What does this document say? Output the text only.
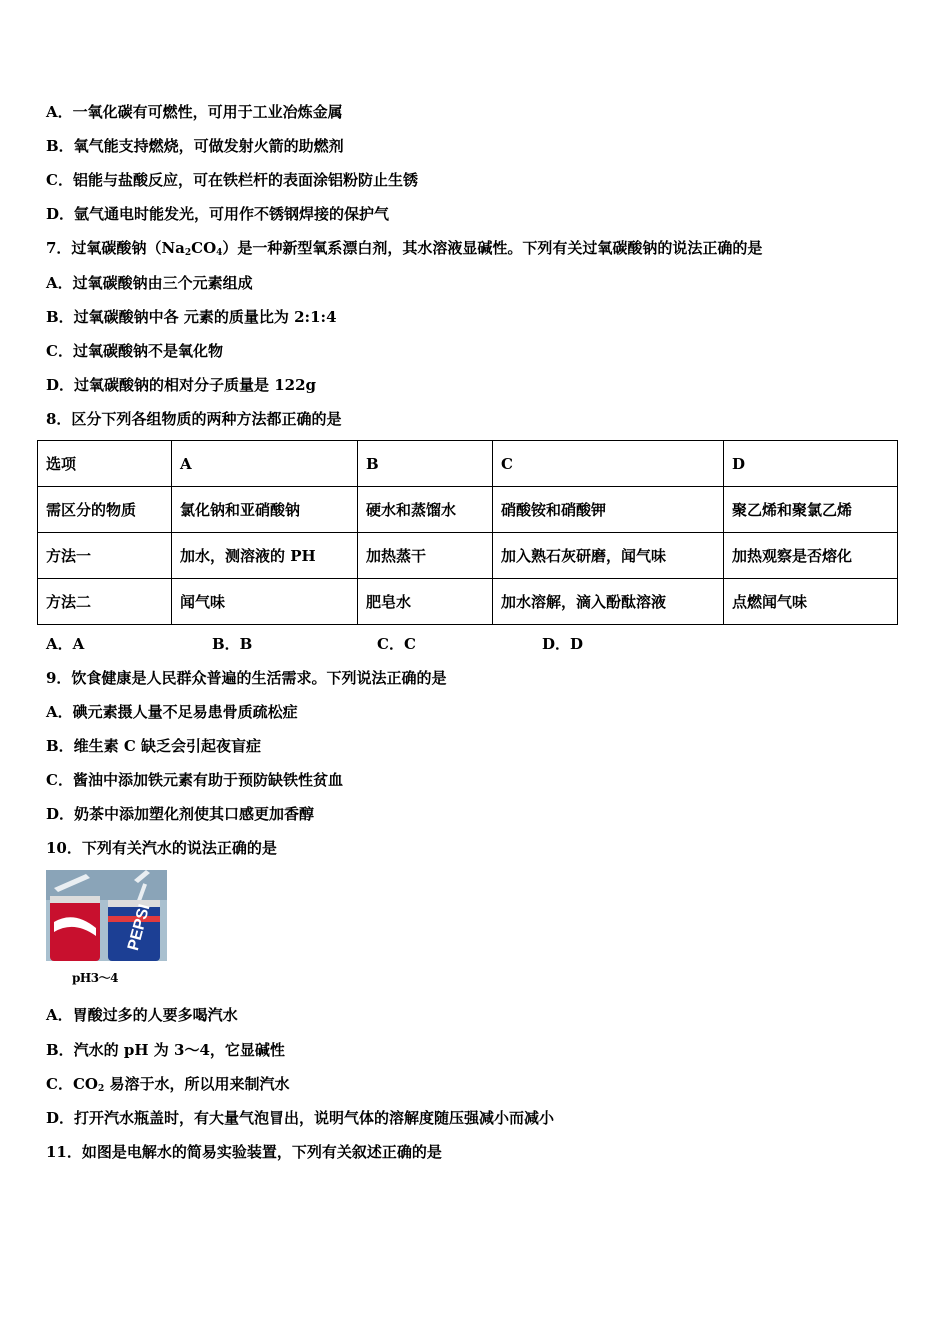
A．一氧化碳有可燃性，可用于工业冶炼金属
B．氧气能支持燃烧，可做发射火箭的助燃剂
C．铝能与盐酸反应，可在铁栏杆的表面涂铝粉防止生锈
D．氩气通电时能发光，可用作不锈钢焊接的保护气
7．过氧碳酸钠$(Na_2CO_4)$是一种新型氧系漂白剂，其水溶液显碱性。下列有关过氧碳酸钠的说法正确的是
A．过氧碳酸钠由三个元素组成
B．过氧碳酸钠中各 元素的质量比为 2:1:4
C．过氧碳酸钠不是氧化物
D．过氧碳酸钠的相对分子质量是 122g
8．区分下列各组物质的两种方法都正确的是
选项	A	B	C	D
需区分的物质	氯化钠和亚硝酸钠	硬水和蒸馏水	硝酸铵和硝酸钾	聚乙烯和聚氯乙烯
方法一	加水，测溶液的 PH	加热蒸干	加入熟石灰研磨，闻气味	加热观察是否熔化
方法二	闻气味	肥皂水	加水溶解，滴入酚酞溶液	点燃闻气味
A．A	B．B	C．C	D．D
9．饮食健康是人民群众普遍的生活需求。下列说法正确的是
A．碘元素摄人量不足易患骨质疏松症
B．维生素 C 缺乏会引起夜盲症
C．酱油中添加铁元素有助于预防缺铁性贫血
D．奶茶中添加塑化剂使其口感更加香醇
10．下列有关汽水的说法正确的是
PEPSI
pH3～4
A．胃酸过多的人要多喝汽水
B．汽水的 pH 为 3～4，它显碱性
C．$CO_2$ 易溶于水，所以用来制汽水
D．打开汽水瓶盖时，有大量气泡冒出，说明气体的溶解度随压强减小而减小
11．如图是电解水的简易实验装置，下列有关叙述正确的是
